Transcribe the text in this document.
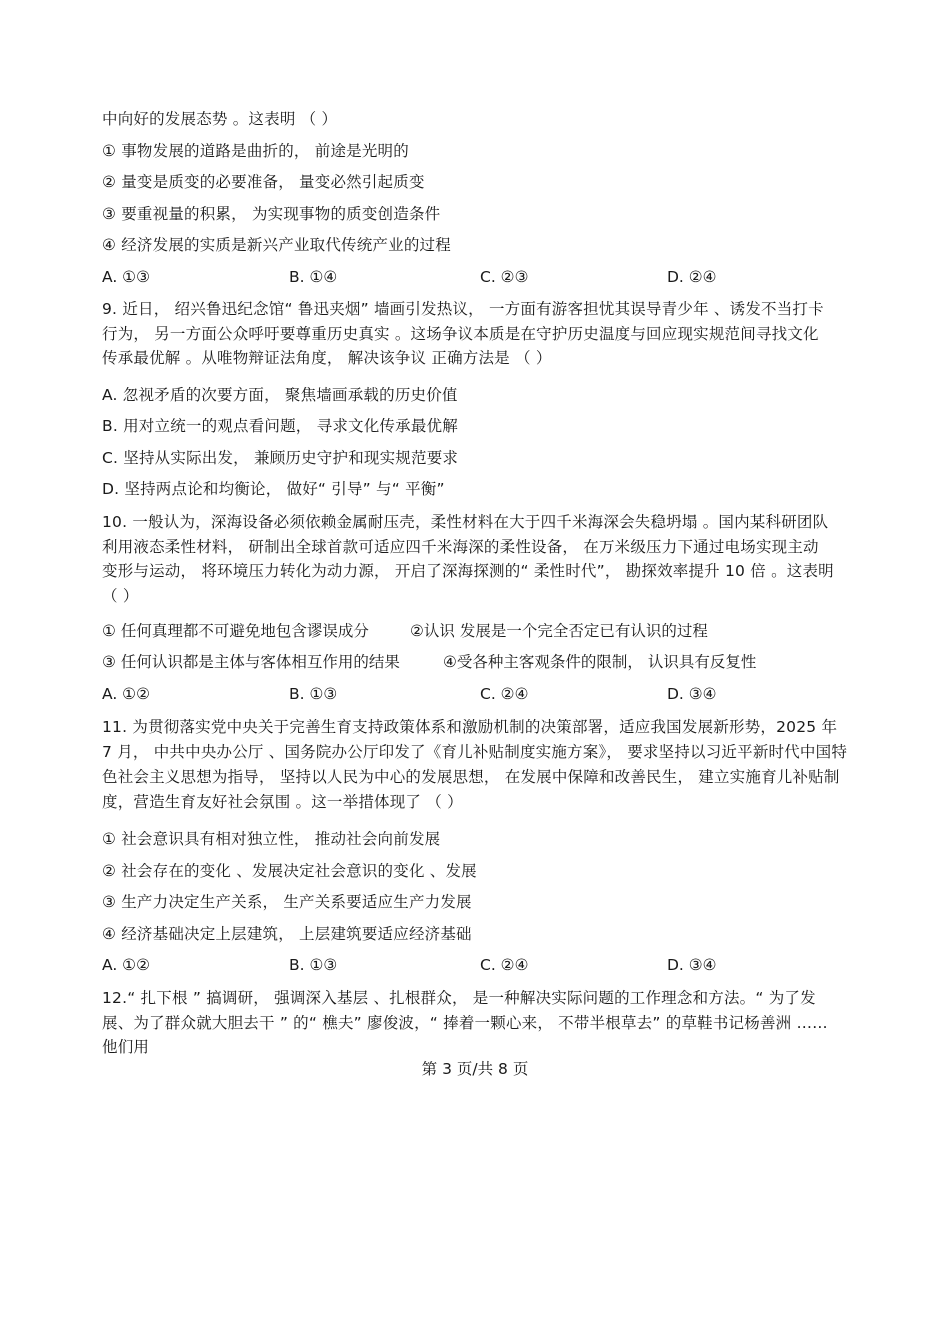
中向好的发展态势 。这表明 （ ）
① 事物发展的道路是曲折的， 前途是光明的
② 量变是质变的必要准备， 量变必然引起质变
③ 要重视量的积累， 为实现事物的质变创造条件
④ 经济发展的实质是新兴产业取代传统产业的过程
A. ①③	B. ①④	C. ②③	D. ②④
9. 近日， 绍兴鲁迅纪念馆“ 鲁迅夹烟” 墙画引发热议， 一方面有游客担忧其误导青少年 、诱发不当打卡
行为， 另一方面公众呼吁要尊重历史真实 。这场争议本质是在守护历史温度与回应现实规范间寻找文化
传承最优解 。从唯物辩证法角度， 解决该争议 正确方法是 （ ）
A. 忽视矛盾的次要方面， 聚焦墙画承载的历史价值
B. 用对立统一的观点看问题， 寻求文化传承最优解
C. 坚持从实际出发， 兼顾历史守护和现实规范要求
D. 坚持两点论和均衡论， 做好“ 引导” 与“ 平衡”
10. 一般认为，深海设备必须依赖金属耐压壳，柔性材料在大于四千米海深会失稳坍塌 。国内某科研团队
利用液态柔性材料， 研制出全球首款可适应四千米海深的柔性设备， 在万米级压力下通过电场实现主动
变形与运动， 将环境压力转化为动力源， 开启了深海探测的“ 柔性时代”， 勘探效率提升 10 倍 。这表明
（ ）
① 任何真理都不可避免地包含谬误成分	②认识 发展是一个完全否定已有认识的过程
③ 任何认识都是主体与客体相互作用的结果	④受各种主客观条件的限制， 认识具有反复性
A. ①②	B. ①③	C. ②④	D. ③④
11. 为贯彻落实党中央关于完善生育支持政策体系和激励机制的决策部署，适应我国发展新形势，2025 年
7 月， 中共中央办公厅 、国务院办公厅印发了《育儿补贴制度实施方案》， 要求坚持以习近平新时代中国特
色社会主义思想为指导， 坚持以人民为中心的发展思想， 在发展中保障和改善民生， 建立实施育儿补贴制
度，营造生育友好社会氛围 。这一举措体现了 （ ）
① 社会意识具有相对独立性， 推动社会向前发展
② 社会存在的变化 、发展决定社会意识的变化 、发展
③ 生产力决定生产关系， 生产关系要适应生产力发展
④ 经济基础决定上层建筑， 上层建筑要适应经济基础
A. ①②	B. ①③	C. ②④	D. ③④
12.“ 扎下根 ” 搞调研， 强调深入基层 、扎根群众， 是一种解决实际问题的工作理念和方法。“ 为了发
展、为了群众就大胆去干 ” 的“ 樵夫” 廖俊波，“ 捧着一颗心来， 不带半根草去” 的草鞋书记杨善洲 ……
他们用
第 3 页/共 8 页
